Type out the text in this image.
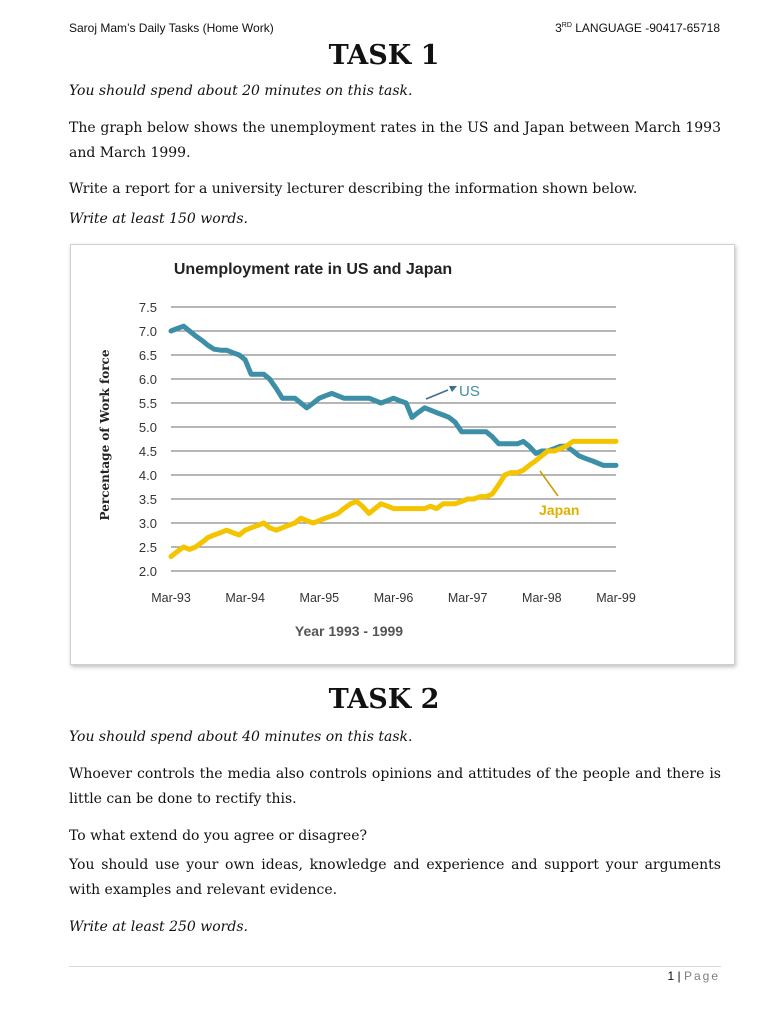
Saroj Mam’s Daily Tasks (Home Work)	3RD LANGUAGE -90417-65718
TASK 1
You should spend about 20 minutes on this task.
The graph below shows the unemployment rates in the US and Japan between March 1993 and March 1999.
Write a report for a university lecturer describing the information shown below.
Write at least 150 words.
Unemployment rate in US and Japan
7.5
7.0
6.5
6.0
5.5
5.0
4.5
4.0
3.5
3.0
2.5
2.0
Mar-93	Mar-94	Mar-95	Mar-96	Mar-97	Mar-98	Mar-99
Percentage of Work force
Year 1993 - 1999
US
Japan
TASK 2
You should spend about 40 minutes on this task.
Whoever controls the media also controls opinions and attitudes of the people and there is little can be done to rectify this.
To what extend do you agree or disagree?
You should use your own ideas, knowledge and experience and support your arguments with examples and relevant evidence.
Write at least 250 words.
1 | Page
